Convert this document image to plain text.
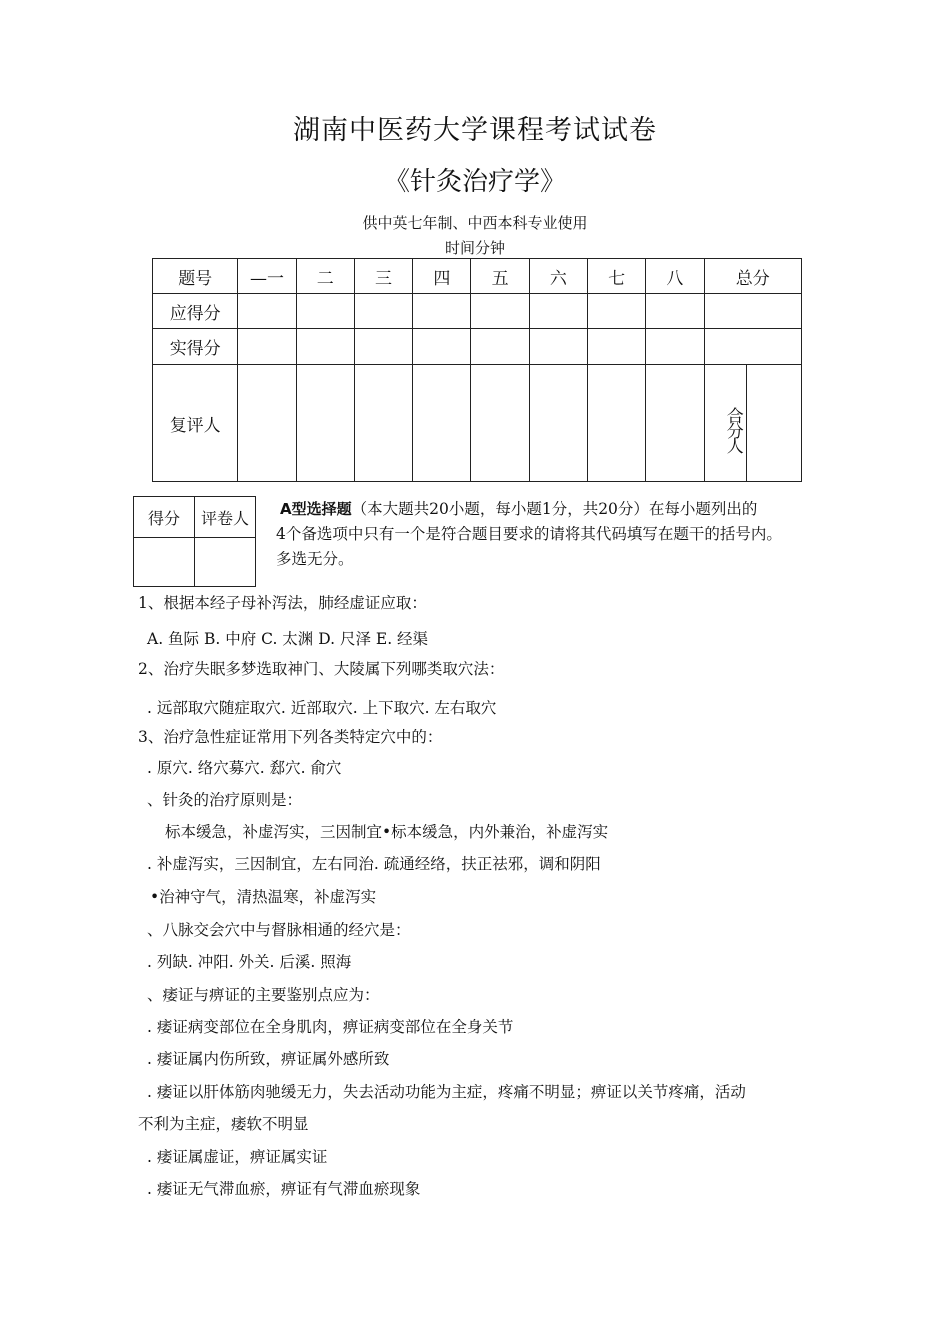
湖南中医药大学课程考试试卷
《针灸治疗学》
供中英七年制、中西本科专业使用
时间分钟
题号	—一	二	三	四	五	六	七	八	总分	
应得分										
实得分										
复评人									合分人	
得分	评卷人
	A型选择题（本大题共20小题，每小题1分，共20分）在每小题列出的
4个备选项中只有一个是符合题目要求的请将其代码填写在题干的括号内。
多选无分。
1、根据本经子母补泻法，肺经虚证应取：
A. 鱼际 B. 中府 C. 太渊 D. 尺泽 E. 经渠
2、治疗失眠多梦选取神门、大陵属下列哪类取穴法：
. 远部取穴随症取穴. 近部取穴. 上下取穴. 左右取穴
3、治疗急性症证常用下列各类特定穴中的：
. 原穴. 络穴募穴. 郄穴. 俞穴
、针灸的治疗原则是：
标本缓急，补虚泻实，三因制宜•标本缓急，内外兼治，补虚泻实
. 补虚泻实，三因制宜，左右同治. 疏通经络，扶正祛邪，调和阴阳
•治神守气，清热温寒，补虚泻实
、八脉交会穴中与督脉相通的经穴是：
. 列缺. 冲阳. 外关. 后溪. 照海
、痿证与痹证的主要鉴别点应为：
. 痿证病变部位在全身肌肉，痹证病变部位在全身关节
. 痿证属内伤所致，痹证属外感所致
. 痿证以肝体筋肉驰缓无力，失去活动功能为主症，疼痛不明显；痹证以关节疼痛，活动
不利为主症，痿软不明显
. 痿证属虚证，痹证属实证
. 痿证无气滞血瘀，痹证有气滞血瘀现象
